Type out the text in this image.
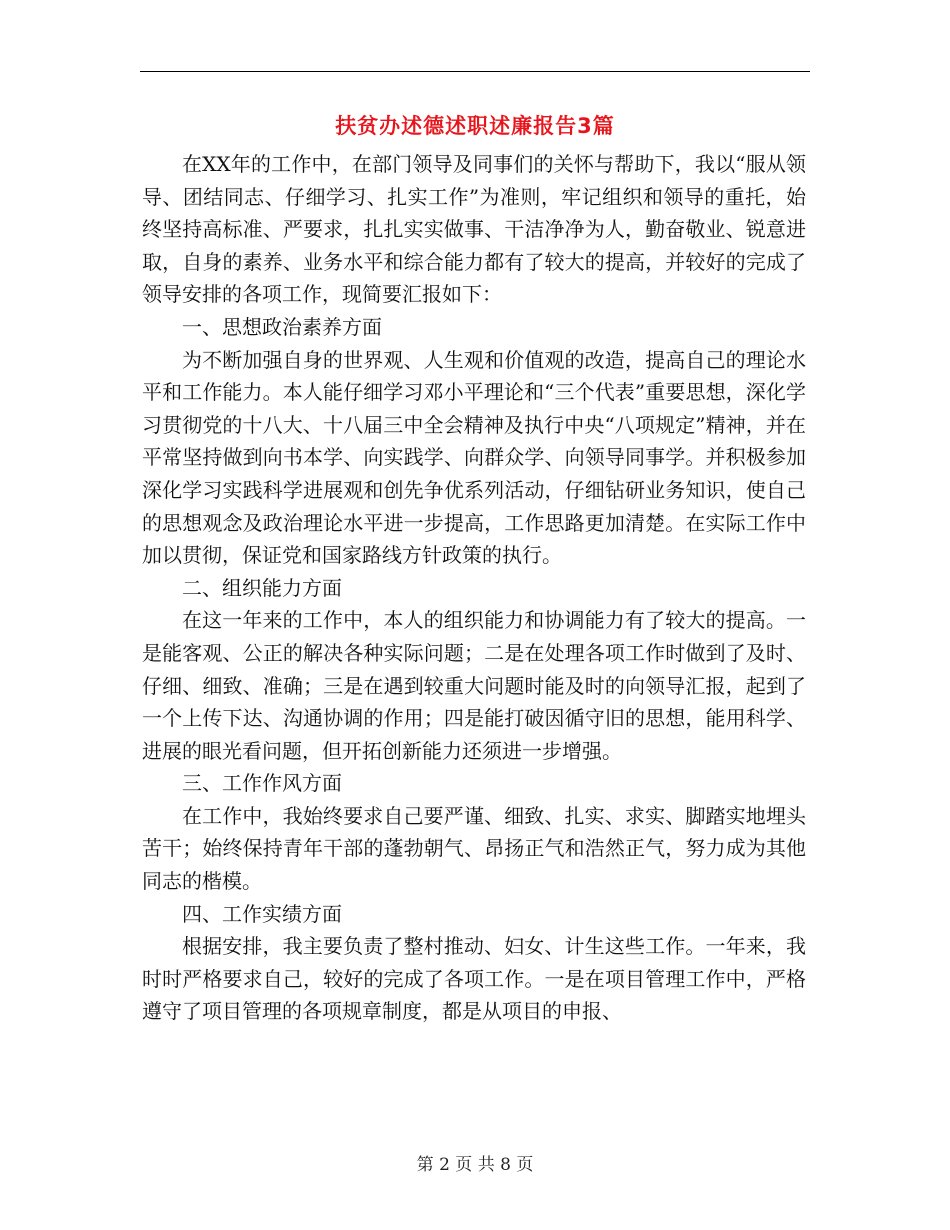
扶贫办述德述职述廉报告3篇

在XX年的工作中，在部门领导及同事们的关怀与帮助下，我以“服从领导、团结同志、仔细学习、扎实工作”为准则，牢记组织和领导的重托，始终坚持高标准、严要求，扎扎实实做事、干洁净净为人，勤奋敬业、锐意进取，自身的素养、业务水平和综合能力都有了较大的提高，并较好的完成了领导安排的各项工作，现简要汇报如下：

一、思想政治素养方面

为不断加强自身的世界观、人生观和价值观的改造，提高自己的理论水平和工作能力。本人能仔细学习邓小平理论和“三个代表”重要思想，深化学习贯彻党的十八大、十八届三中全会精神及执行中央“八项规定”精神，并在平常坚持做到向书本学、向实践学、向群众学、向领导同事学。并积极参加深化学习实践科学进展观和创先争优系列活动，仔细钻研业务知识，使自己的思想观念及政治理论水平进一步提高，工作思路更加清楚。在实际工作中加以贯彻，保证党和国家路线方针政策的执行。

二、组织能力方面

在这一年来的工作中，本人的组织能力和协调能力有了较大的提高。一是能客观、公正的解决各种实际问题；二是在处理各项工作时做到了及时、仔细、细致、准确；三是在遇到较重大问题时能及时的向领导汇报，起到了一个上传下达、沟通协调的作用；四是能打破因循守旧的思想，能用科学、进展的眼光看问题，但开拓创新能力还须进一步增强。

三、工作作风方面

在工作中，我始终要求自己要严谨、细致、扎实、求实、脚踏实地埋头苦干；始终保持青年干部的蓬勃朝气、昂扬正气和浩然正气，努力成为其他同志的楷模。

四、工作实绩方面

根据安排，我主要负责了整村推动、妇女、计生这些工作。一年来，我时时严格要求自己，较好的完成了各项工作。一是在项目管理工作中，严格遵守了项目管理的各项规章制度，都是从项目的申报、

第 2 页 共 8 页
